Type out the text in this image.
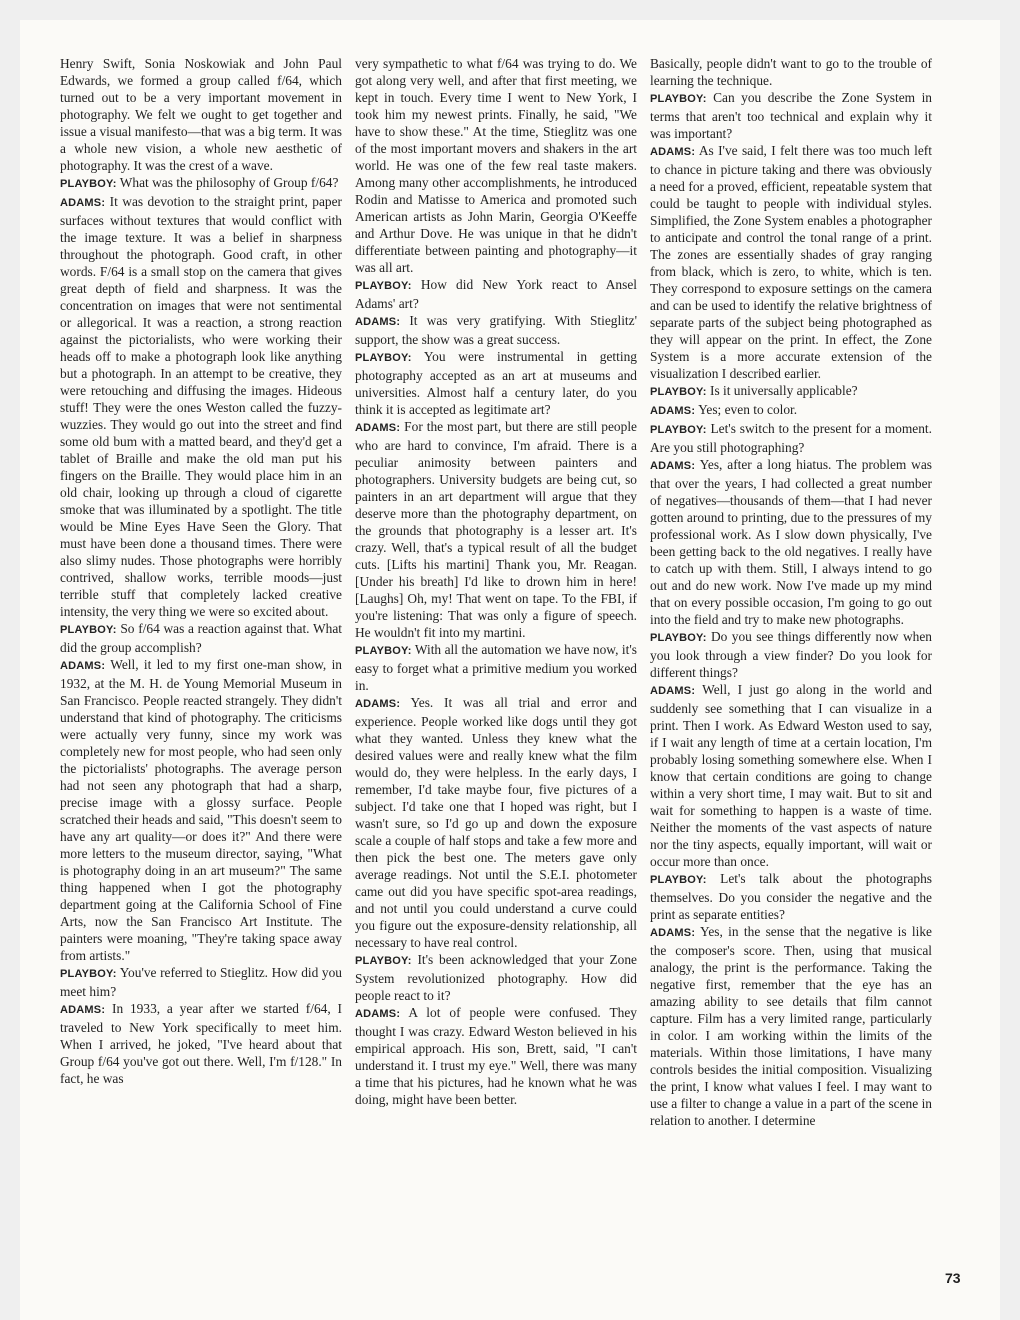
Henry Swift, Sonia Noskowiak and John Paul Edwards, we formed a group called f/64, which turned out to be a very important movement in photography. We felt we ought to get together and issue a visual manifesto—that was a big term. It was a whole new vision, a whole new aesthetic of photography. It was the crest of a wave.

PLAYBOY: What was the philosophy of Group f/64?

ADAMS: It was devotion to the straight print, paper surfaces without textures that would conflict with the image texture. It was a belief in sharpness throughout the photograph. Good craft, in other words. F/64 is a small stop on the camera that gives great depth of field and sharpness. It was the concentration on images that were not sentimental or allegorical. It was a reaction, a strong reaction against the pictorialists, who were working their heads off to make a photograph look like anything but a photograph. In an attempt to be creative, they were retouching and diffusing the images. Hideous stuff! They were the ones Weston called the fuzzy-wuzzies. They would go out into the street and find some old bum with a matted beard, and they'd get a tablet of Braille and make the old man put his fingers on the Braille. They would place him in an old chair, looking up through a cloud of cigarette smoke that was illuminated by a spotlight. The title would be Mine Eyes Have Seen the Glory. That must have been done a thousand times. There were also slimy nudes. Those photographs were horribly contrived, shallow works, terrible moods—just terrible stuff that completely lacked creative intensity, the very thing we were so excited about.

PLAYBOY: So f/64 was a reaction against that. What did the group accomplish?

ADAMS: Well, it led to my first one-man show, in 1932, at the M. H. de Young Memorial Museum in San Francisco. People reacted strangely. They didn't understand that kind of photography. The criticisms were actually very funny, since my work was completely new for most people, who had seen only the pictorialists' photographs. The average person had not seen any photograph that had a sharp, precise image with a glossy surface. People scratched their heads and said, "This doesn't seem to have any art quality—or does it?" And there were more letters to the museum director, saying, "What is photography doing in an art museum?" The same thing happened when I got the photography department going at the California School of Fine Arts, now the San Francisco Art Institute. The painters were moaning, "They're taking space away from artists."

PLAYBOY: You've referred to Stieglitz. How did you meet him?

ADAMS: In 1933, a year after we started f/64, I traveled to New York specifically to meet him. When I arrived, he joked, "I've heard about that Group f/64 you've got out there. Well, I'm f/128." In fact, he was

very sympathetic to what f/64 was trying to do. We got along very well, and after that first meeting, we kept in touch. Every time I went to New York, I took him my newest prints. Finally, he said, "We have to show these." At the time, Stieglitz was one of the most important movers and shakers in the art world. He was one of the few real taste makers. Among many other accomplishments, he introduced Rodin and Matisse to America and promoted such American artists as John Marin, Georgia O'Keeffe and Arthur Dove. He was unique in that he didn't differentiate between painting and photography—it was all art.

PLAYBOY: How did New York react to Ansel Adams' art?

ADAMS: It was very gratifying. With Stieglitz' support, the show was a great success.

PLAYBOY: You were instrumental in getting photography accepted as an art at museums and universities. Almost half a century later, do you think it is accepted as legitimate art?

ADAMS: For the most part, but there are still people who are hard to convince, I'm afraid. There is a peculiar animosity between painters and photographers. University budgets are being cut, so painters in an art department will argue that they deserve more than the photography department, on the grounds that photography is a lesser art. It's crazy. Well, that's a typical result of all the budget cuts. [Lifts his martini] Thank you, Mr. Reagan. [Under his breath] I'd like to drown him in here! [Laughs] Oh, my! That went on tape. To the FBI, if you're listening: That was only a figure of speech. He wouldn't fit into my martini.

PLAYBOY: With all the automation we have now, it's easy to forget what a primitive medium you worked in.

ADAMS: Yes. It was all trial and error and experience. People worked like dogs until they got what they wanted. Unless they knew what the desired values were and really knew what the film would do, they were helpless. In the early days, I remember, I'd take maybe four, five pictures of a subject. I'd take one that I hoped was right, but I wasn't sure, so I'd go up and down the exposure scale a couple of half stops and take a few more and then pick the best one. The meters gave only average readings. Not until the S.E.I. photometer came out did you have specific spot-area readings, and not until you could understand a curve could you figure out the exposure-density relationship, all necessary to have real control.

PLAYBOY: It's been acknowledged that your Zone System revolutionized photography. How did people react to it?

ADAMS: A lot of people were confused. They thought I was crazy. Edward Weston believed in his empirical approach. His son, Brett, said, "I can't understand it. I trust my eye." Well, there was many a time that his pictures, had he known what he was doing, might have been better.

Basically, people didn't want to go to the trouble of learning the technique.

PLAYBOY: Can you describe the Zone System in terms that aren't too technical and explain why it was important?

ADAMS: As I've said, I felt there was too much left to chance in picture taking and there was obviously a need for a proved, efficient, repeatable system that could be taught to people with individual styles. Simplified, the Zone System enables a photographer to anticipate and control the tonal range of a print. The zones are essentially shades of gray ranging from black, which is zero, to white, which is ten. They correspond to exposure settings on the camera and can be used to identify the relative brightness of separate parts of the subject being photographed as they will appear on the print. In effect, the Zone System is a more accurate extension of the visualization I described earlier.

PLAYBOY: Is it universally applicable?

ADAMS: Yes; even to color.

PLAYBOY: Let's switch to the present for a moment. Are you still photographing?

ADAMS: Yes, after a long hiatus. The problem was that over the years, I had collected a great number of negatives—thousands of them—that I had never gotten around to printing, due to the pressures of my professional work. As I slow down physically, I've been getting back to the old negatives. I really have to catch up with them. Still, I always intend to go out and do new work. Now I've made up my mind that on every possible occasion, I'm going to go out into the field and try to make new photographs.

PLAYBOY: Do you see things differently now when you look through a view finder? Do you look for different things?

ADAMS: Well, I just go along in the world and suddenly see something that I can visualize in a print. Then I work. As Edward Weston used to say, if I wait any length of time at a certain location, I'm probably losing something somewhere else. When I know that certain conditions are going to change within a very short time, I may wait. But to sit and wait for something to happen is a waste of time. Neither the moments of the vast aspects of nature nor the tiny aspects, equally important, will wait or occur more than once.

PLAYBOY: Let's talk about the photographs themselves. Do you consider the negative and the print as separate entities?

ADAMS: Yes, in the sense that the negative is like the composer's score. Then, using that musical analogy, the print is the performance. Taking the negative first, remember that the eye has an amazing ability to see details that film cannot capture. Film has a very limited range, particularly in color. I am working within the limits of the materials. Within those limitations, I have many controls besides the initial composition. Visualizing the print, I know what values I feel. I may want to use a filter to change a value in a part of the scene in relation to another. I determine

73
